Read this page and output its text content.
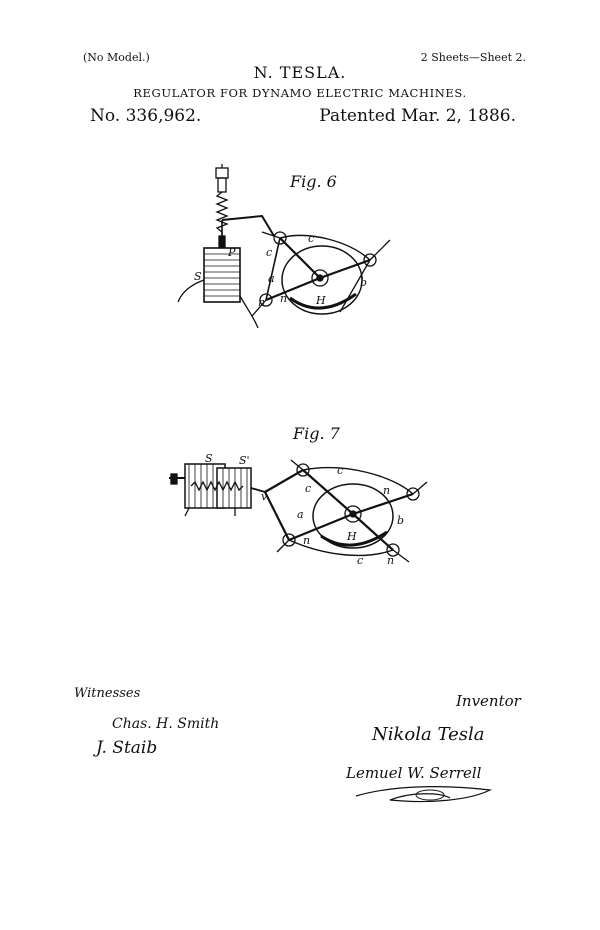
(No Model.)	2 Sheets—Sheet 2.
N. TESLA.
REGULATOR FOR DYNAMO ELECTRIC MACHINES.
No. 336,962.	Patented Mar. 2, 1886.
Fig. 6
P
S
c
c
a	b
n n	H
Fig. 7
S S'
v
c
c
c
a	b
n
n
n
H
Witnesses
Chas. H. Smith
J. Staib
Inventor
Nikola Tesla
Lemuel W. Serrell
